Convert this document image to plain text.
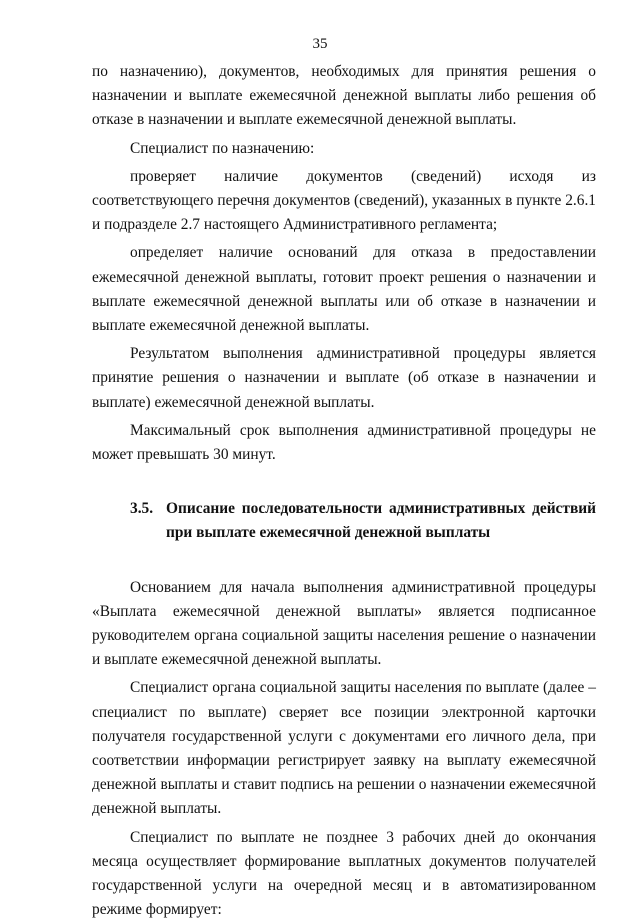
35

по назначению), документов, необходимых для принятия решения о назначении и выплате ежемесячной денежной выплаты либо решения об отказе в назначении и выплате ежемесячной денежной выплаты.

Специалист по назначению:

проверяет наличие документов (сведений) исходя из соответствующего перечня документов (сведений), указанных в пункте 2.6.1 и подразделе 2.7 настоящего Административного регламента;

определяет наличие оснований для отказа в предоставлении ежемесячной денежной выплаты, готовит проект решения о назначении и выплате ежемесячной денежной выплаты или об отказе в назначении и выплате ежемесячной денежной выплаты.

Результатом выполнения административной процедуры является принятие решения о назначении и выплате (об отказе в назначении и выплате) ежемесячной денежной выплаты.

Максимальный срок выполнения административной процедуры не может превышать 30 минут.

3.5. Описание последовательности административных действий при выплате ежемесячной денежной выплаты

Основанием для начала выполнения административной процедуры «Выплата ежемесячной денежной выплаты» является подписанное руководителем органа социальной защиты населения решение о назначении и выплате ежемесячной денежной выплаты.

Специалист органа социальной защиты населения по выплате (далее – специалист по выплате) сверяет все позиции электронной карточки получателя государственной услуги с документами его личного дела, при соответствии информации регистрирует заявку на выплату ежемесячной денежной выплаты и ставит подпись на решении о назначении ежемесячной денежной выплаты.

Специалист по выплате не позднее 3 рабочих дней до окончания месяца осуществляет формирование выплатных документов получателей государственной услуги на очередной месяц и в автоматизированном режиме формирует:
